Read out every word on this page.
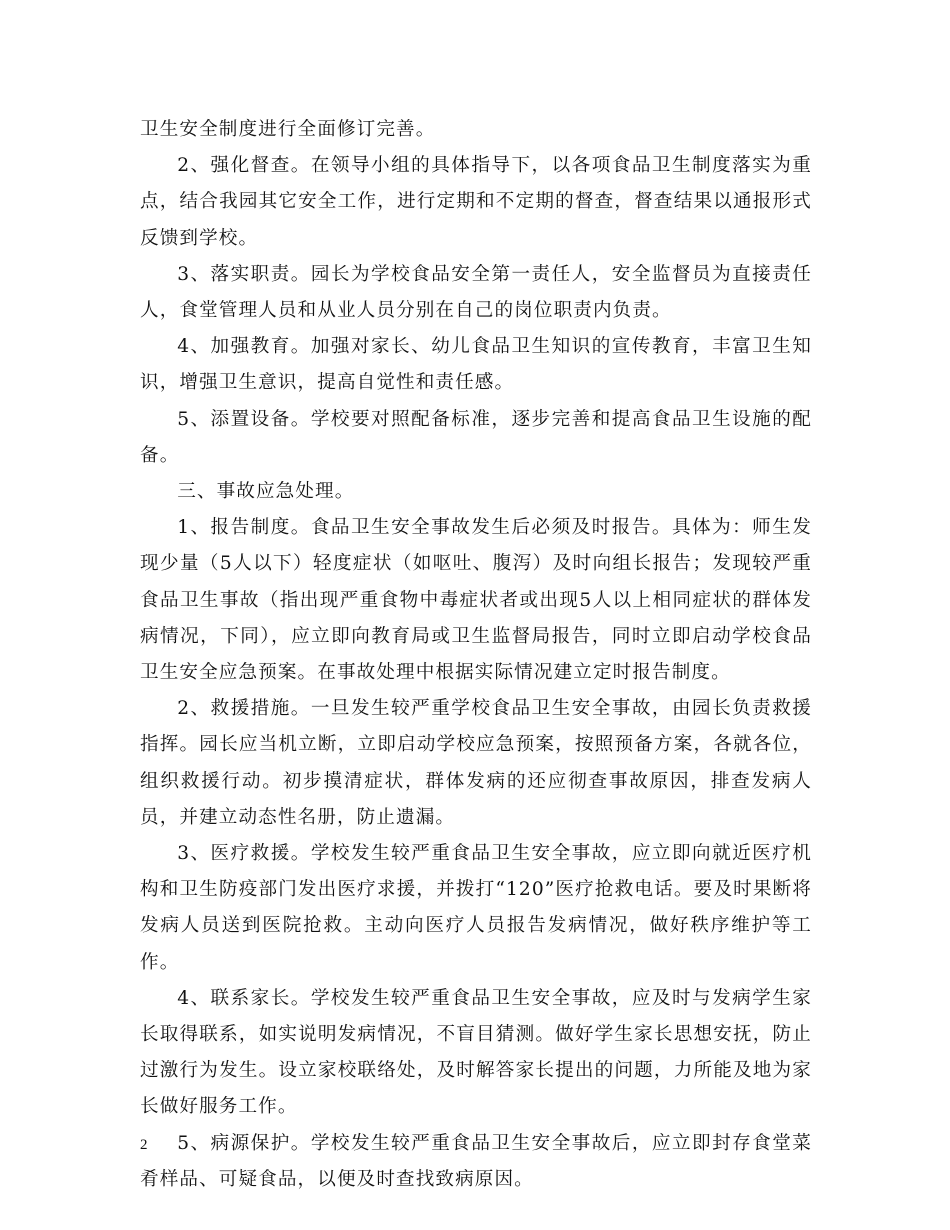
卫生安全制度进行全面修订完善。

2、强化督查。在领导小组的具体指导下，以各项食品卫生制度落实为重点，结合我园其它安全工作，进行定期和不定期的督查，督查结果以通报形式反馈到学校。

3、落实职责。园长为学校食品安全第一责任人，安全监督员为直接责任人，食堂管理人员和从业人员分别在自己的岗位职责内负责。

4、加强教育。加强对家长、幼儿食品卫生知识的宣传教育，丰富卫生知识，增强卫生意识，提高自觉性和责任感。

5、添置设备。学校要对照配备标准，逐步完善和提高食品卫生设施的配备。

三、事故应急处理。

1、报告制度。食品卫生安全事故发生后必须及时报告。具体为：师生发现少量（5人以下）轻度症状（如呕吐、腹泻）及时向组长报告；发现较严重食品卫生事故（指出现严重食物中毒症状者或出现5人以上相同症状的群体发病情况，下同），应立即向教育局或卫生监督局报告，同时立即启动学校食品卫生安全应急预案。在事故处理中根据实际情况建立定时报告制度。

2、救援措施。一旦发生较严重学校食品卫生安全事故，由园长负责救援指挥。园长应当机立断，立即启动学校应急预案，按照预备方案，各就各位，组织救援行动。初步摸清症状，群体发病的还应彻查事故原因，排查发病人员，并建立动态性名册，防止遗漏。

3、医疗救援。学校发生较严重食品卫生安全事故，应立即向就近医疗机构和卫生防疫部门发出医疗求援，并拨打“120”医疗抢救电话。要及时果断将发病人员送到医院抢救。主动向医疗人员报告发病情况，做好秩序维护等工作。

4、联系家长。学校发生较严重食品卫生安全事故，应及时与发病学生家长取得联系，如实说明发病情况，不盲目猜测。做好学生家长思想安抚，防止过激行为发生。设立家校联络处，及时解答家长提出的问题，力所能及地为家长做好服务工作。

5、病源保护。学校发生较严重食品卫生安全事故后，应立即封存食堂菜肴样品、可疑食品，以便及时查找致病原因。

2
